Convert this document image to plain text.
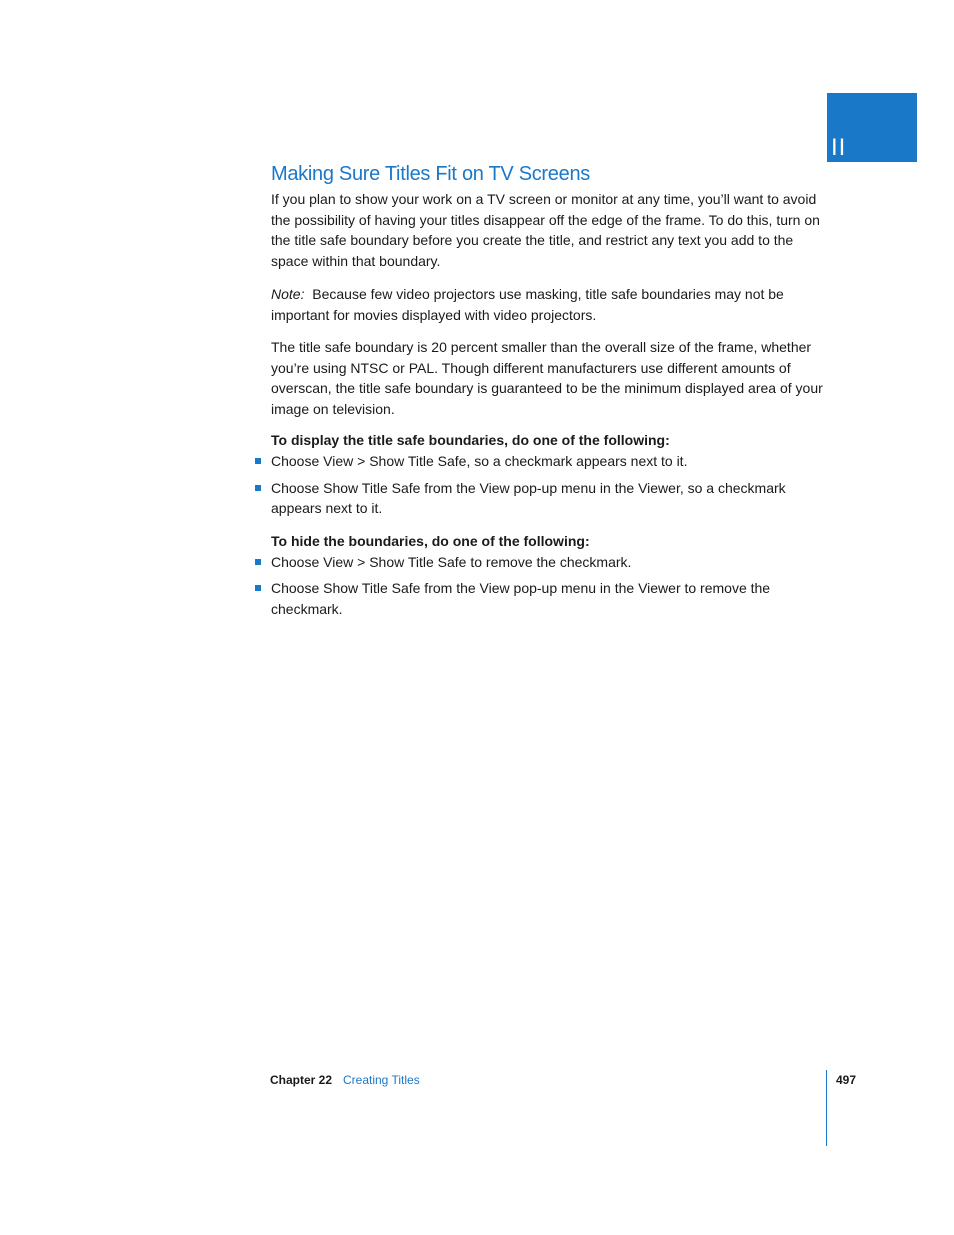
II
Making Sure Titles Fit on TV Screens

If you plan to show your work on a TV screen or monitor at any time, you’ll want to avoid the possibility of having your titles disappear off the edge of the frame. To do this, turn on the title safe boundary before you create the title, and restrict any text you add to the space within that boundary.

Note: Because few video projectors use masking, title safe boundaries may not be important for movies displayed with video projectors.

The title safe boundary is 20 percent smaller than the overall size of the frame, whether you’re using NTSC or PAL. Though different manufacturers use different amounts of overscan, the title safe boundary is guaranteed to be the minimum displayed area of your image on television.

To display the title safe boundaries, do one of the following:
Choose View > Show Title Safe, so a checkmark appears next to it.
Choose Show Title Safe from the View pop-up menu in the Viewer, so a checkmark appears next to it.
To hide the boundaries, do one of the following:
Choose View > Show Title Safe to remove the checkmark.
Choose Show Title Safe from the View pop-up menu in the Viewer to remove the checkmark.
Chapter 22 Creating Titles	497
